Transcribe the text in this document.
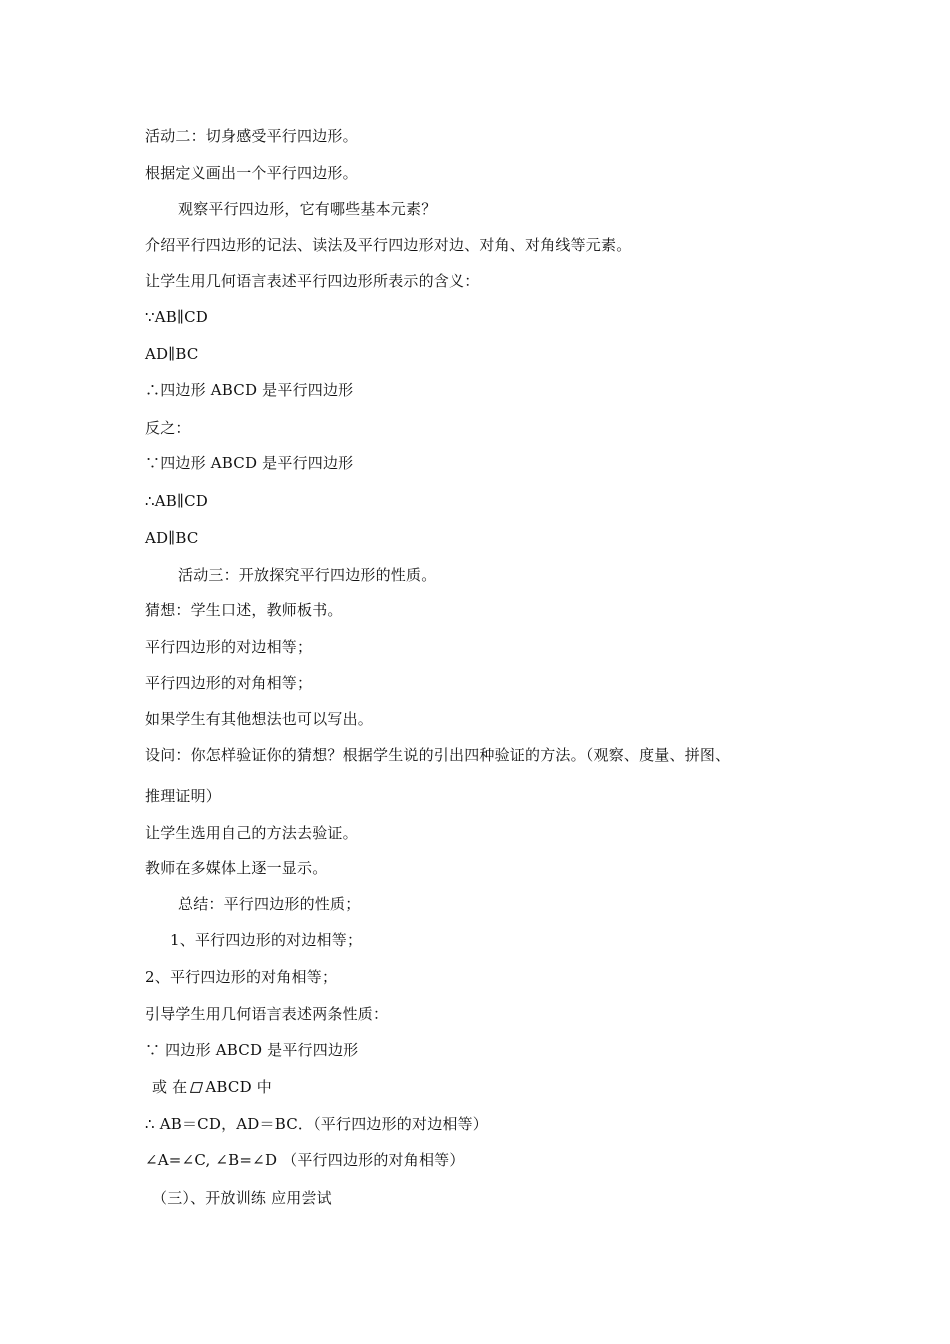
活动二：切身感受平行四边形。
根据定义画出一个平行四边形。
观察平行四边形，它有哪些基本元素？
介绍平行四边形的记法、读法及平行四边形对边、对角、对角线等元素。
让学生用几何语言表述平行四边形所表示的含义：
∵AB∥CD
AD∥BC
∴四边形 ABCD 是平行四边形
反之：
∵四边形 ABCD 是平行四边形
∴AB∥CD
AD∥BC
活动三：开放探究平行四边形的性质。
猜想：学生口述，教师板书。
平行四边形的对边相等；
平行四边形的对角相等；
如果学生有其他想法也可以写出。
设问：你怎样验证你的猜想？根据学生说的引出四种验证的方法。（观察、度量、拼图、
推理证明）
让学生选用自己的方法去验证。
教师在多媒体上逐一显示。
总结：平行四边形的性质；
1、平行四边形的对边相等；
2、平行四边形的对角相等；
引导学生用几何语言表述两条性质：
∵ 四边形 ABCD 是平行四边形
或 在 ABCD 中
∴ AB＝CD，AD＝BC．（平行四边形的对边相等）
∠A=∠C, ∠B=∠D （平行四边形的对角相等）
（三）、开放训练 应用尝试
